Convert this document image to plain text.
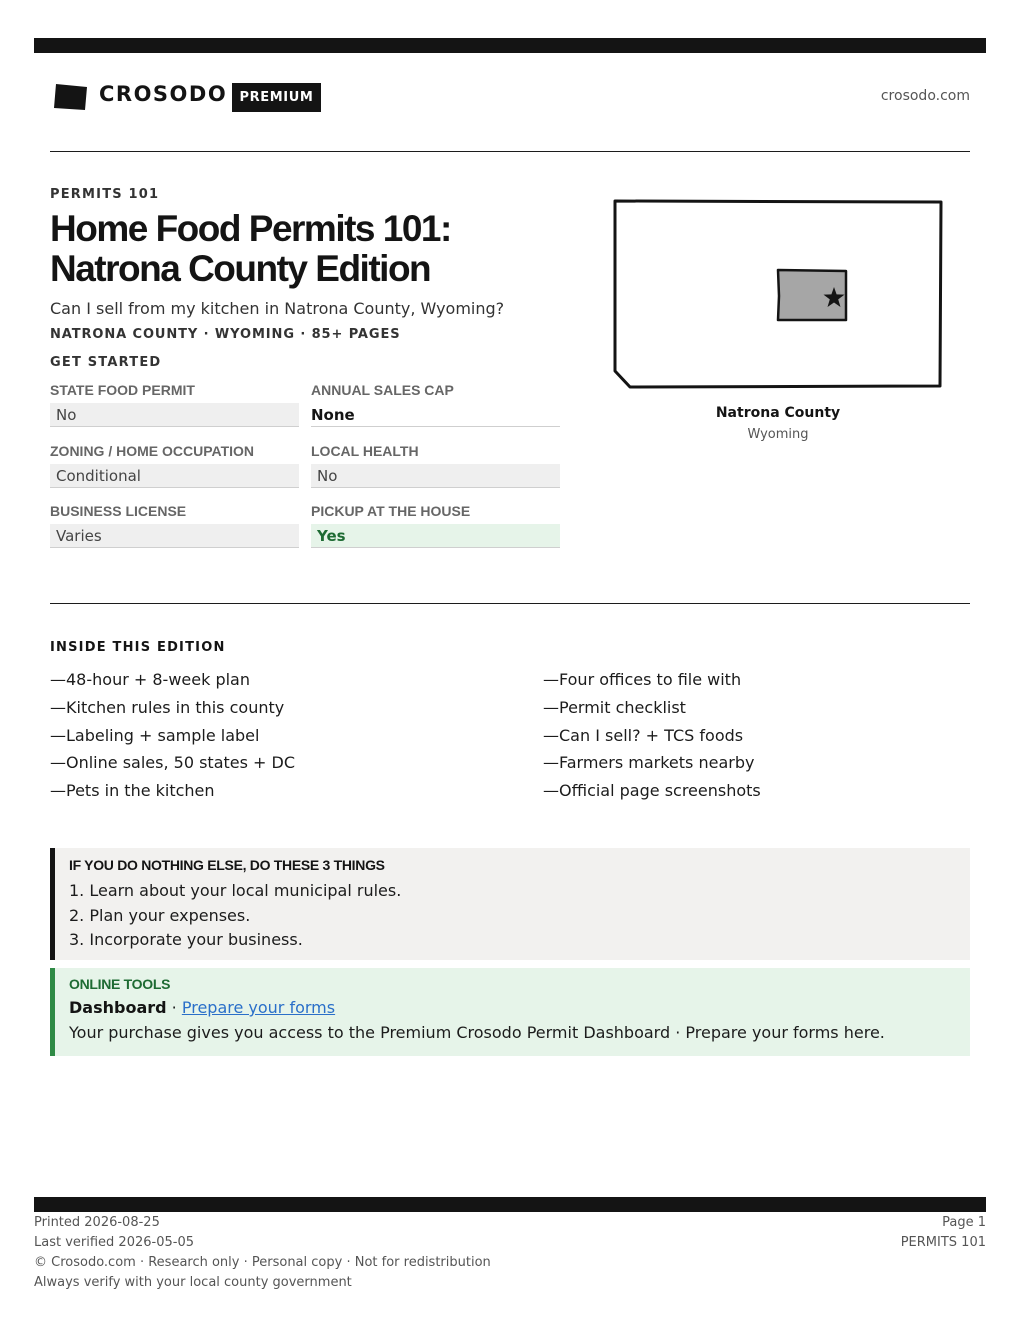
CROSODO PREMIUM	crosodo.com
PERMITS 101
Home Food Permits 101: Natrona County Edition
Can I sell from my kitchen in Natrona County, Wyoming?
NATRONA COUNTY · WYOMING · 85+ PAGES
GET STARTED
STATE FOOD PERMIT
No
ANNUAL SALES CAP
None
ZONING / HOME OCCUPATION
Conditional
LOCAL HEALTH
No
BUSINESS LICENSE
Varies
PICKUP AT THE HOUSE
Yes
Natrona County
Wyoming
INSIDE THIS EDITION
—48-hour + 8-week plan
—Kitchen rules in this county
—Labeling + sample label
—Online sales, 50 states + DC
—Pets in the kitchen
—Four offices to file with
—Permit checklist
—Can I sell? + TCS foods
—Farmers markets nearby
—Official page screenshots
IF YOU DO NOTHING ELSE, DO THESE 3 THINGS
1. Learn about your local municipal rules.
2. Plan your expenses.
3. Incorporate your business.
ONLINE TOOLS
Dashboard · Prepare your forms
Your purchase gives you access to the Premium Crosodo Permit Dashboard · Prepare your forms here.
Printed 2026-08-25
Last verified 2026-05-05
© Crosodo.com · Research only · Personal copy · Not for redistribution
Always verify with your local county government
Page 1
PERMITS 101
